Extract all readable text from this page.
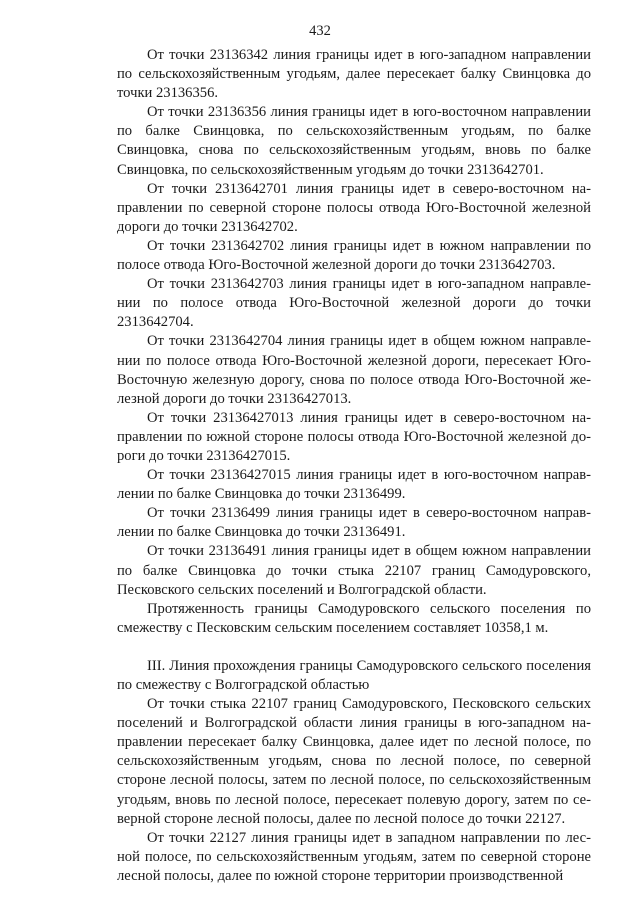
432

От точки 23136342 линия границы идет в юго-западном направлении по сельскохозяйственным угодьям, далее пересекает балку Свинцовка до точки 23136356.

От точки 23136356 линия границы идет в юго-восточном направлении по балке Свинцовка, по сельскохозяйственным угодьям, по балке Свинцовка, снова по сельскохозяйственным угодьям, вновь по балке Свинцовка, по сельскохозяйственным угодьям до точки 2313642701.

От точки 2313642701 линия границы идет в северо-восточном направлении по северной стороне полосы отвода Юго-Восточной железной дороги до точки 2313642702.

От точки 2313642702 линия границы идет в южном направлении по полосе отвода Юго-Восточной железной дороги до точки 2313642703.

От точки 2313642703 линия границы идет в юго-западном направлении по полосе отвода Юго-Восточной железной дороги до точки 2313642704.

От точки 2313642704 линия границы идет в общем южном направлении по полосе отвода Юго-Восточной железной дороги, пересекает Юго-Восточную железную дорогу, снова по полосе отвода Юго-Восточной железной дороги до точки 23136427013.

От точки 23136427013 линия границы идет в северо-восточном направлении по южной стороне полосы отвода Юго-Восточной железной дороги до точки 23136427015.

От точки 23136427015 линия границы идет в юго-восточном направлении по балке Свинцовка до точки 23136499.

От точки 23136499 линия границы идет в северо-восточном направлении по балке Свинцовка до точки 23136491.

От точки 23136491 линия границы идет в общем южном направлении по балке Свинцовка до точки стыка 22107 границ Самодуровского, Песковского сельских поселений и Волгоградской области.

Протяженность границы Самодуровского сельского поселения по смежеству с Песковским сельским поселением составляет 10358,1 м.

III. Линия прохождения границы Самодуровского сельского поселения по смежеству с Волгоградской областью

От точки стыка 22107 границ Самодуровского, Песковского сельских поселений и Волгоградской области линия границы в юго-западном направлении пересекает балку Свинцовка, далее идет по лесной полосе, по сельскохозяйственным угодьям, снова по лесной полосе, по северной стороне лесной полосы, затем по лесной полосе, по сельскохозяйственным угодьям, вновь по лесной полосе, пересекает полевую дорогу, затем по северной стороне лесной полосы, далее по лесной полосе до точки 22127.

От точки 22127 линия границы идет в западном направлении по лесной полосе, по сельскохозяйственным угодьям, затем по северной стороне лесной полосы, далее по южной стороне территории производственной
